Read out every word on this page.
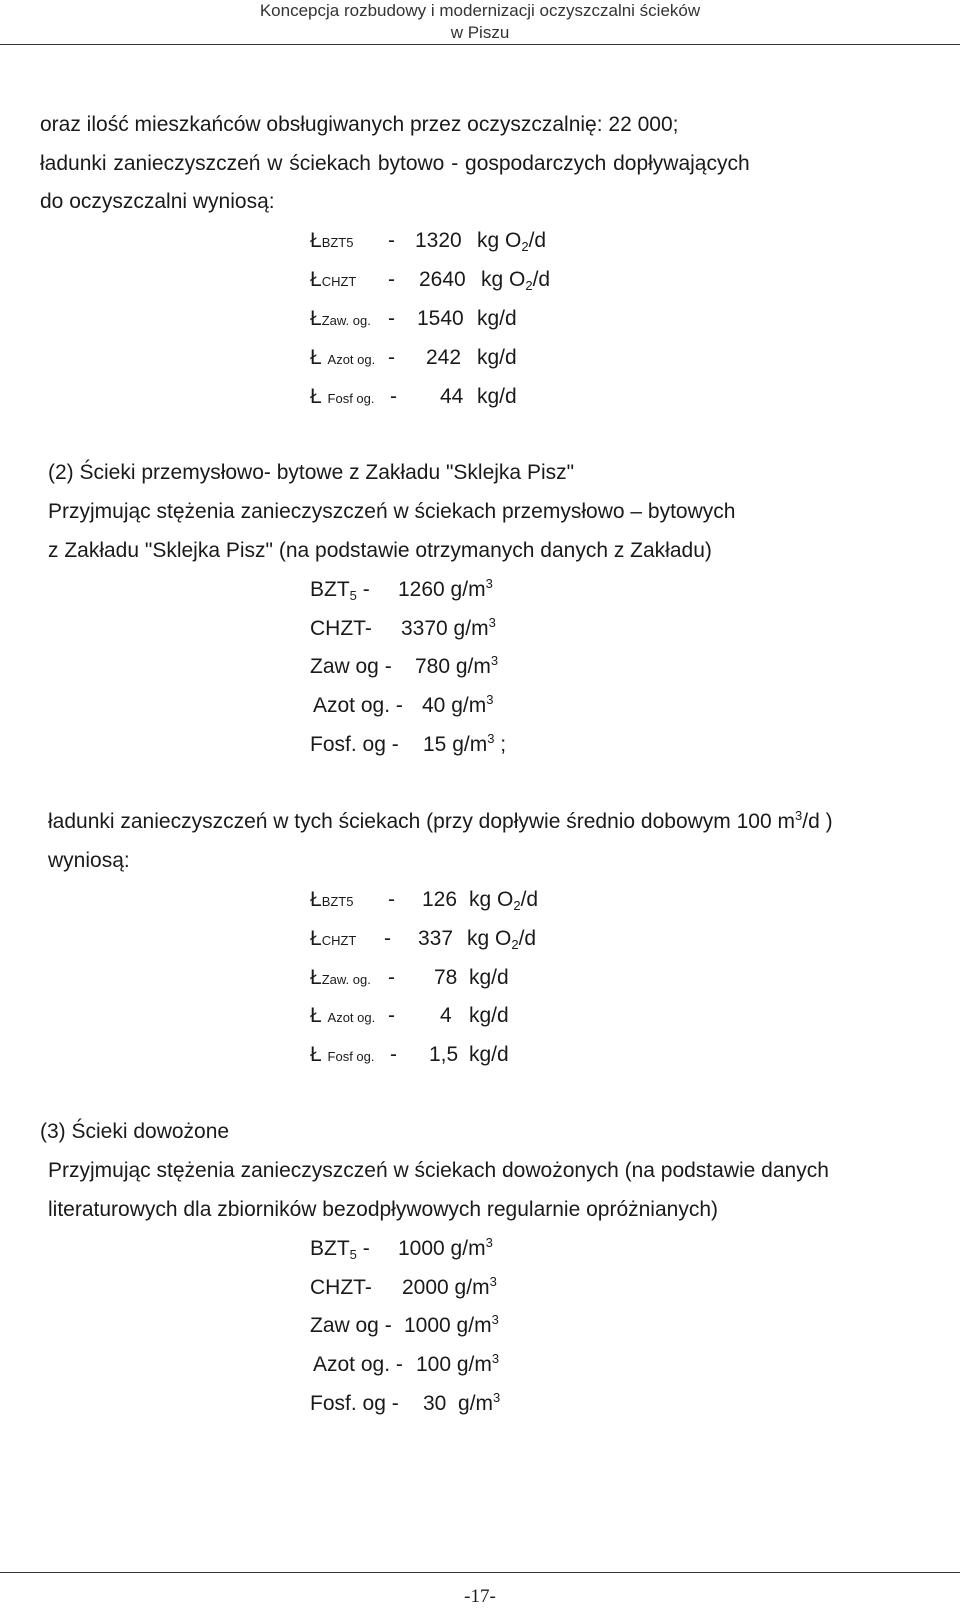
Koncepcja rozbudowy i modernizacji oczyszczalni ścieków
w Piszu
oraz ilość mieszkańców obsługiwanych przez oczyszczalnię: 22 000;
ładunki zanieczyszczeń w ściekach bytowo - gospodarczych dopływających
do oczyszczalni wyniosą:
ŁBZT5 - 1320 kg $O_2/d$
ŁCHZT - 2640 kg $O_2/d$
ŁZaw. og. - 1540 kg/d
Ł Azot og. - 242 kg/d
Ł Fosf og. - 44 kg/d
(2) Ścieki przemysłowo- bytowe z Zakładu "Sklejka Pisz"
Przyjmując stężenia zanieczyszczeń w ściekach przemysłowo – bytowych
z Zakładu "Sklejka Pisz" (na podstawie otrzymanych danych z Zakładu)
$BZT_5 - 1260$ $g/m^3$
CHZT- 3370 $g/m^3$
Zaw og - 780 $g/m^3$
Azot og. - 40 $g/m^3$
Fosf. og - 15 $g/m^3$ ;
ładunki zanieczyszczeń w tych ściekach (przy dopływie średnio dobowym 100 $m^3/d$ )
wyniosą:
ŁBZT5 - 126 kg $O_2/d$
ŁCHZT - 337 kg $O_2/d$
ŁZaw. og. - 78 kg/d
Ł Azot og. - 4 kg/d
Ł Fosf og. - 1,5 kg/d
(3) Ścieki dowożone
Przyjmując stężenia zanieczyszczeń w ściekach dowożonych (na podstawie danych
literaturowych dla zbiorników bezodpływowych regularnie opróżnianych)
$BZT_5 - 1000$ $g/m^3$
CHZT- 2000 $g/m^3$
Zaw og - 1000 $g/m^3$
Azot og. - 100 $g/m^3$
Fosf. og - 30  $g/m^3$
-17-
